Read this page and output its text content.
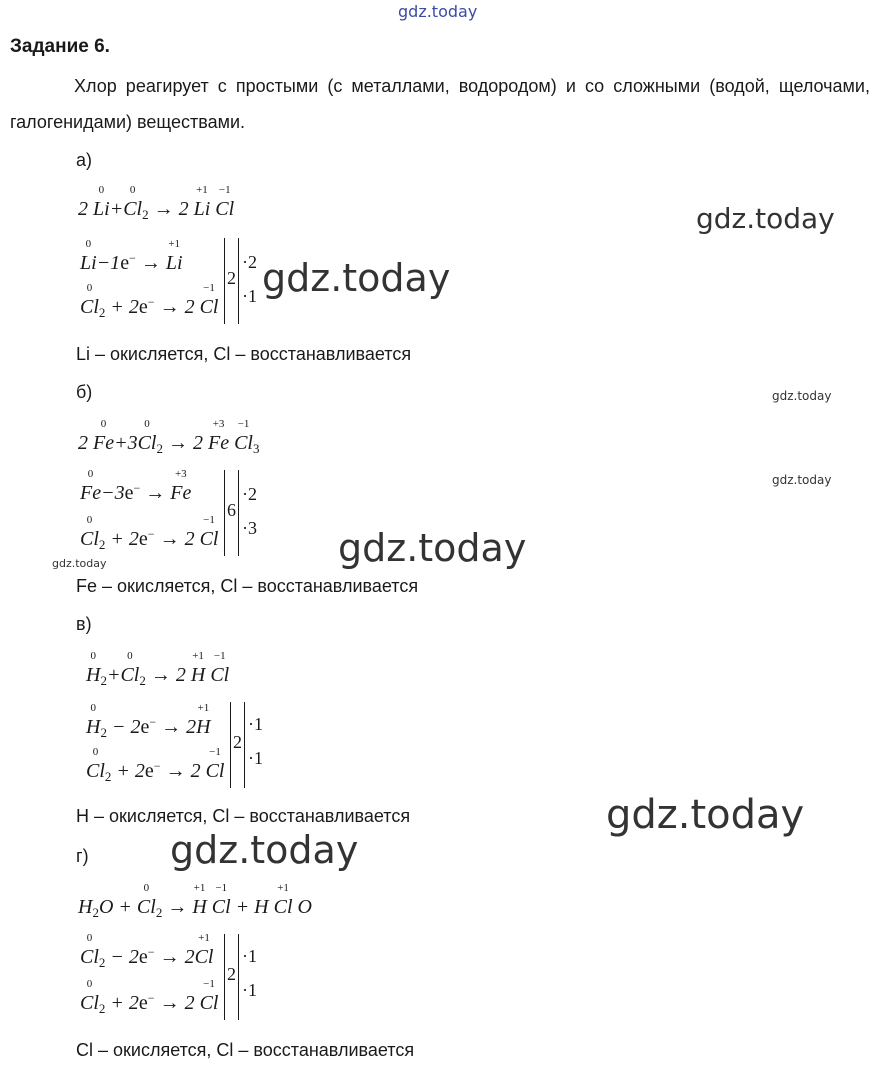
gdz.today
Задание 6.
Хлор реагирует с простыми (с металлами, водородом) и со сложными (водой, щелочами, галогенидами) веществами.
а)
2
0
Li+
0
$Cl_2 \to 2$
+1
Li
−1
Cl
0
Li−1e− →
+1
Li
0
$Cl_2 + 2e^- \to 2$
−1
Cl
2
·2
·1
Li – окисляется, Cl – восстанавливается
б)
2
0
Fe+3
0
$Cl_2 \to 2$
+3
Fe
−1
$Cl_3$
0
Fe−3e− →
+3
Fe
0
$Cl_2 + 2e^- \to 2$
−1
Cl
6
·2
·3
Fe – окисляется, Cl – восстанавливается
в)
0
$H_2+$
0
$Cl_2 \to 2$
+1
H
−1
Cl
0
$H_2 - 2e^- \to 2$
+1
H
0
$Cl_2 + 2e^- \to 2$
−1
Cl
2
·1
·1
H – окисляется, Cl – восстанавливается
г)
$H_2O$ +
0
$Cl_2$ →
+1
H
−1
Cl + H
+1
Cl O
0
$Cl_2 - 2e^- \to 2$
+1
Cl
0
$Cl_2 + 2e^- \to 2$
−1
Cl
2
·1
·1
Cl – окисляется, Cl – восстанавливается
gdz.today
gdz.today
gdz.today
gdz.today
gdz.today
gdz.today
gdz.today
gdz.today
